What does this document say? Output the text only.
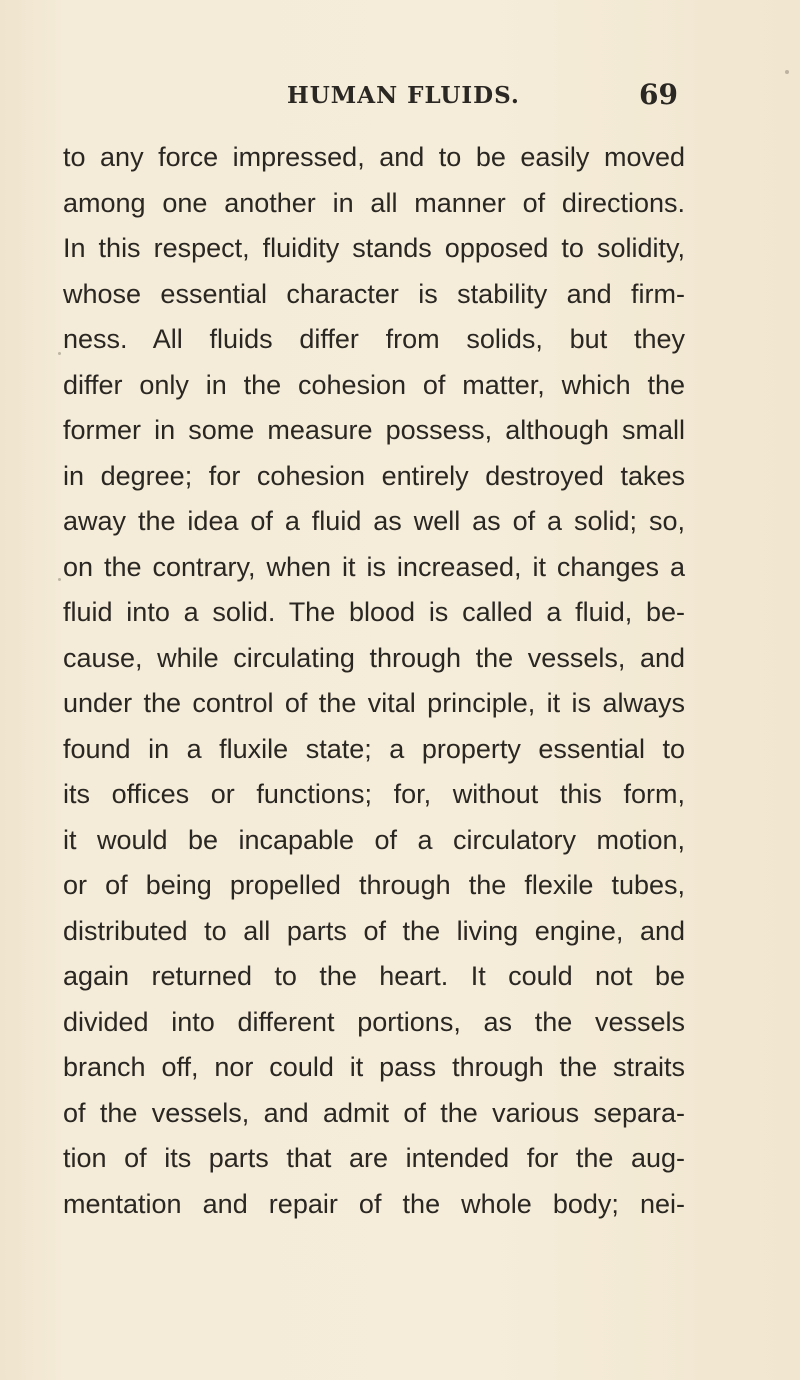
HUMAN FLUIDS.	69
to any force impressed, and to be easily moved
among one another in all manner of directions.
In this respect, fluidity stands opposed to solidity,
whose essential character is stability and firm-
ness. All fluids differ from solids, but they
differ only in the cohesion of matter, which the
former in some measure possess, although small
in degree; for cohesion entirely destroyed takes
away the idea of a fluid as well as of a solid; so,
on the contrary, when it is increased, it changes a
fluid into a solid. The blood is called a fluid, be-
cause, while circulating through the vessels, and
under the control of the vital principle, it is always
found in a fluxile state; a property essential to
its offices or functions; for, without this form,
it would be incapable of a circulatory motion,
or of being propelled through the flexile tubes,
distributed to all parts of the living engine, and
again returned to the heart. It could not be
divided into different portions, as the vessels
branch off, nor could it pass through the straits
of the vessels, and admit of the various separa-
tion of its parts that are intended for the aug-
mentation and repair of the whole body; nei-
